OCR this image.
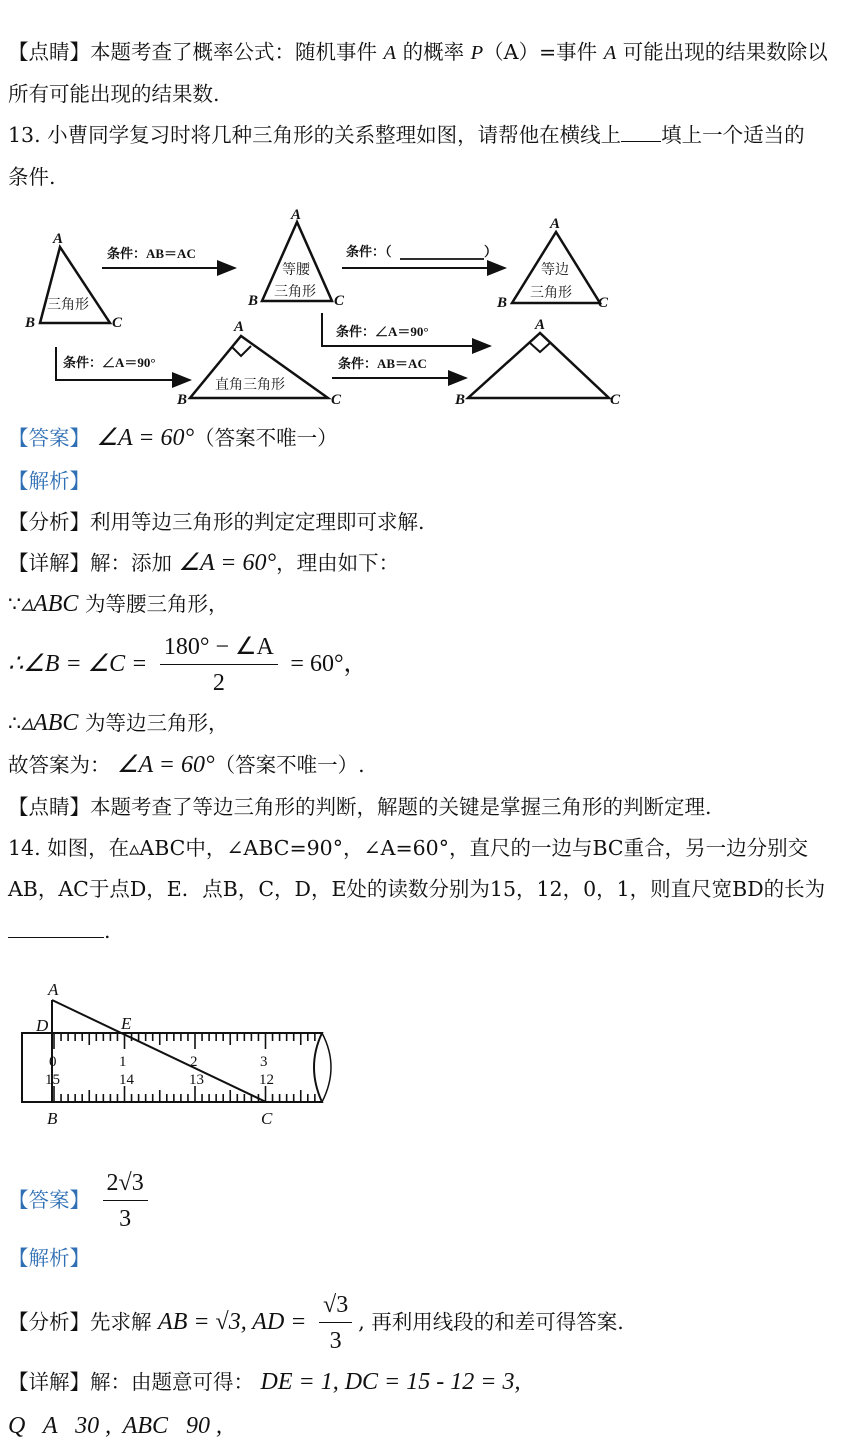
【点睛】本题考查了概率公式：随机事件 A 的概率 P（A）=事件 A 可能出现的结果数除以
所有可能出现的结果数.
13. 小曹同学复习时将几种三角形的关系整理如图，请帮他在横线上 填上一个适当的
条件.
A
B	C
A
B	C
A
B	C
A
B	C
A
B	C
三角形
等腰
三角形
等边
三角形
直角三角形
条件：AB＝AC	条件：（	）
条件：∠A＝90°
条件：∠A＝90°	条件：AB＝AC
【答案】 ∠A = 60°（答案不唯一）
【解析】
【分析】利用等边三角形的判定定理即可求解.
【详解】解：添加 ∠A = 60°，理由如下：
∵▵ABC 为等腰三角形，
∴∠B = ∠C = $\frac{180^\circ - \angle A}{2} = 60^\circ$，
∴▵ABC 为等边三角形，
故答案为： ∠A = 60°（答案不唯一）.
【点睛】本题考查了等边三角形的判断，解题的关键是掌握三角形的判断定理.
14. 如图，在▵ABC中，∠ABC=90°，∠A=60°，直尺的一边与BC重合，另一边分别交
AB，AC于点D，E．点B，C，D，E处的读数分别为15，12，0，1，则直尺宽BD的长为
.
0	1	2	3
15	14	13	12
A
D	E
B	C
【答案】 $\frac{2√3}{3}$
【解析】
【分析】先求解 AB = √3, AD = $\frac{√3}{3}$ , 再利用线段的和差可得答案.
【详解】解：由题意可得： DE = 1, DC = 15 - 12 = 3,
Q   A   30 ,  ABC   90 ,
